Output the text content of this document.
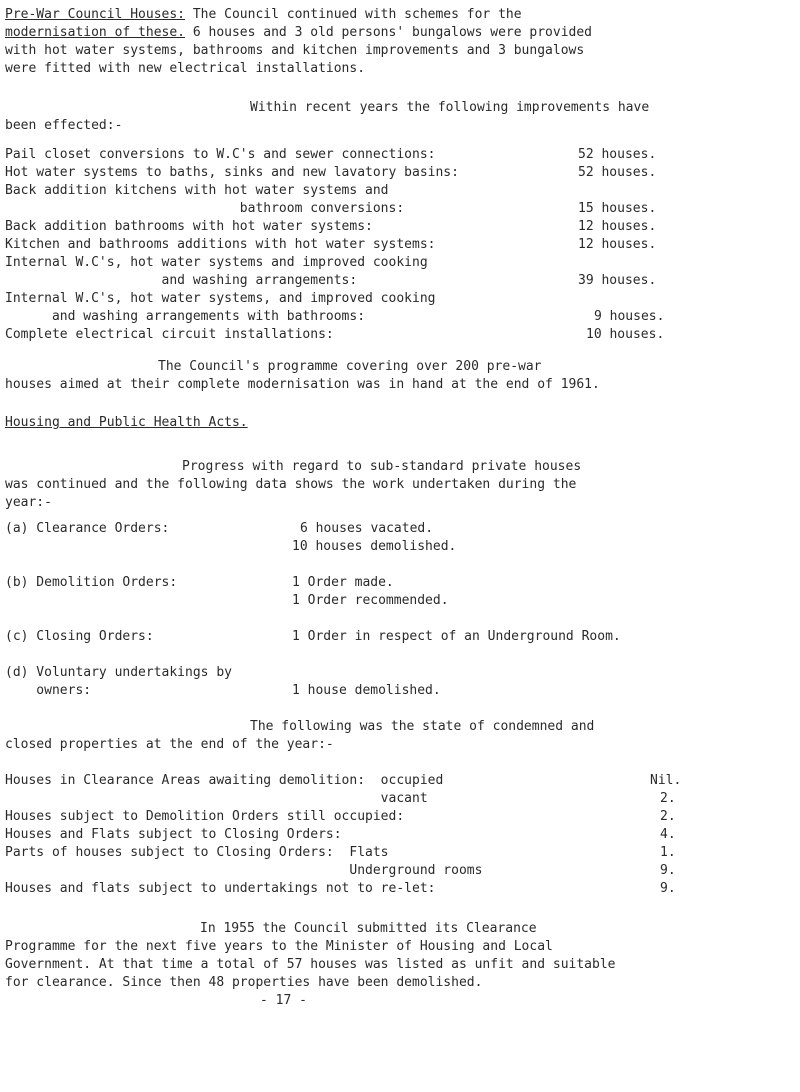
Pre-War Council Houses: The Council continued with schemes for the
modernisation of these. 6 houses and 3 old persons' bungalows were provided
with hot water systems, bathrooms and kitchen improvements and 3 bungalows
were fitted with new electrical installations.
Within recent years the following improvements have
been effected:-
Pail closet conversions to W.C's and sewer connections:	52 houses.
Hot water systems to baths, sinks and new lavatory basins:	52 houses.
Back addition kitchens with hot water systems and
bathroom conversions:	15 houses.
Back addition bathrooms with hot water systems:	12 houses.
Kitchen and bathrooms additions with hot water systems:	12 houses.
Internal W.C's, hot water systems and improved cooking
and washing arrangements:	39 houses.
Internal W.C's, hot water systems, and improved cooking
and washing arrangements with bathrooms:	9 houses.
Complete electrical circuit installations:	10 houses.
The Council's programme covering over 200 pre-war
houses aimed at their complete modernisation was in hand at the end of 1961.
Housing and Public Health Acts.
Progress with regard to sub-standard private houses
was continued and the following data shows the work undertaken during the
year:-
(a) Clearance Orders:	6 houses vacated.
10 houses demolished.
(b) Demolition Orders:	1 Order made.
1 Order recommended.
(c) Closing Orders:	1 Order in respect of an Underground Room.
(d) Voluntary undertakings by
owners:	1 house demolished.
The following was the state of condemned and
closed properties at the end of the year:-
Houses in Clearance Areas awaiting demolition:  occupied	Nil.
vacant	2.
Houses subject to Demolition Orders still occupied:	2.
Houses and Flats subject to Closing Orders:	4.
Parts of houses subject to Closing Orders:  Flats	1.
Underground rooms	9.
Houses and flats subject to undertakings not to re-let:	9.
In 1955 the Council submitted its Clearance
Programme for the next five years to the Minister of Housing and Local
Government. At that time a total of 57 houses was listed as unfit and suitable
for clearance. Since then 48 properties have been demolished.
- 17 -
